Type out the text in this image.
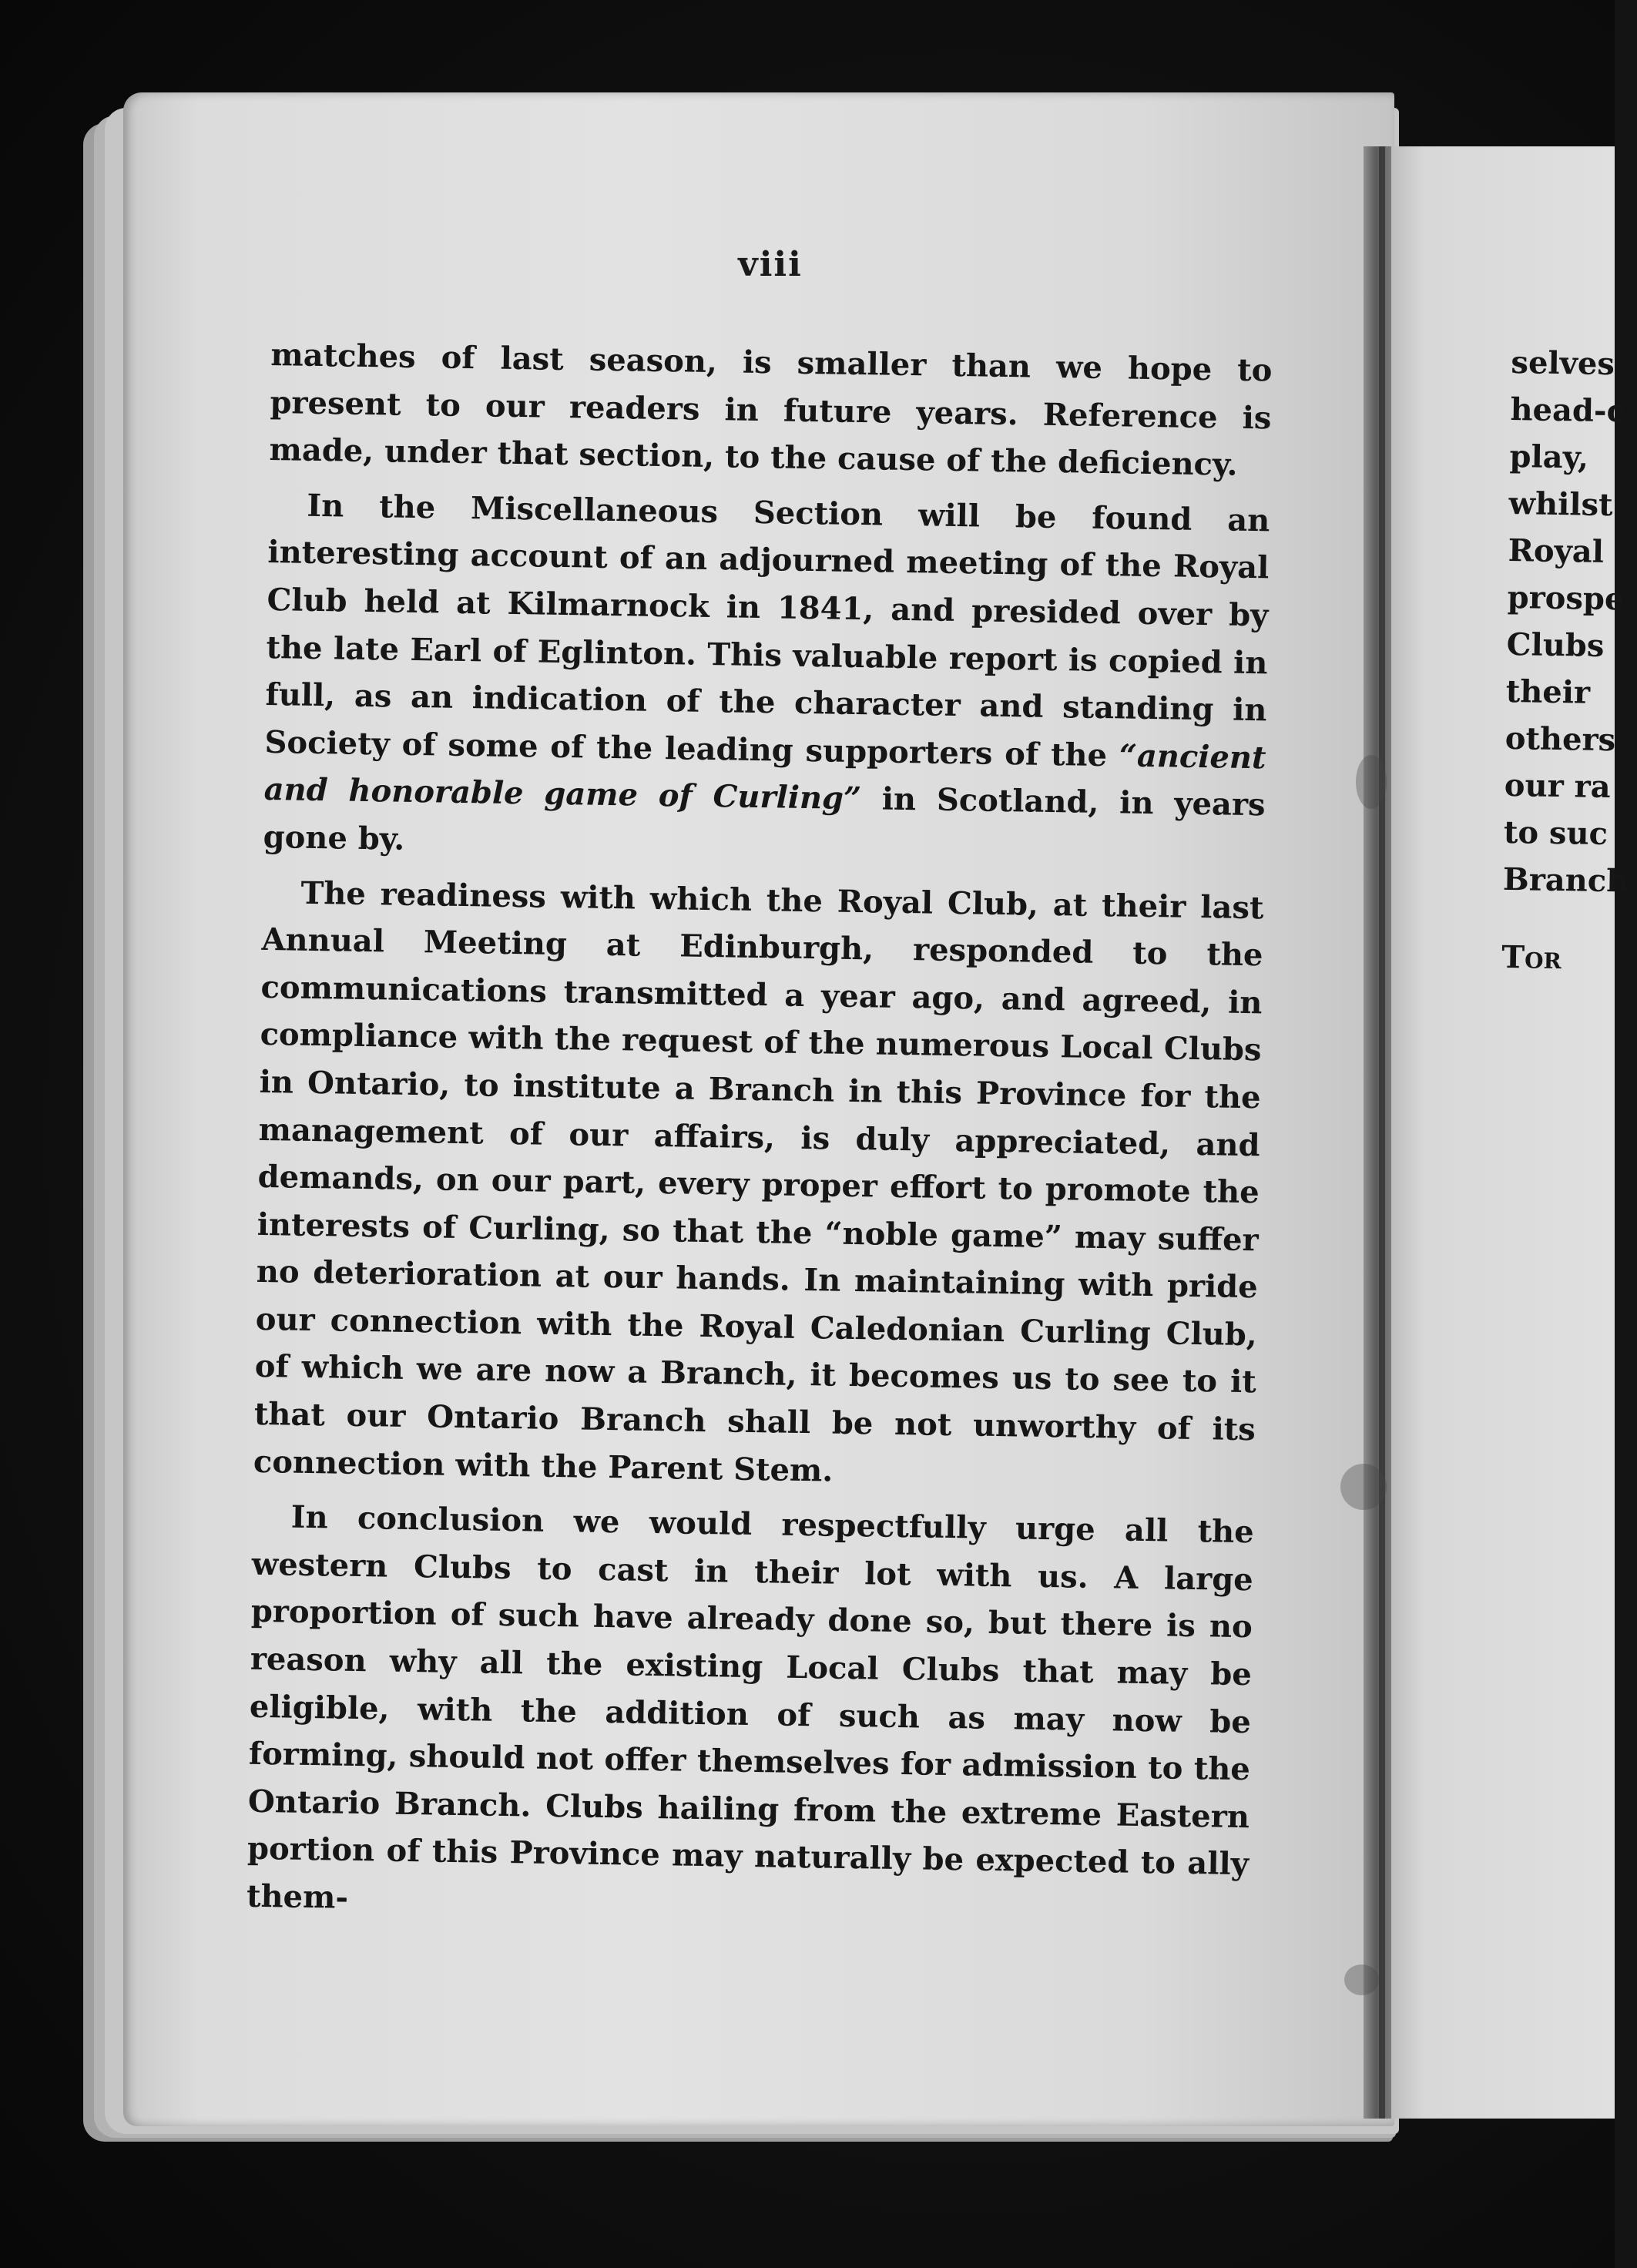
viii

matches of last season, is smaller than we hope to present to our readers in future years. Reference is made, under that section, to the cause of the deficiency.

In the Miscellaneous Section will be found an interesting account of an adjourned meeting of the Royal Club held at Kilmarnock in 1841, and presided over by the late Earl of Eglinton. This valuable report is copied in full, as an indication of the character and standing in Society of some of the leading supporters of the “ancient and honorable game of Curling” in Scotland, in years gone by.

The readiness with which the Royal Club, at their last Annual Meeting at Edinburgh, responded to the communications transmitted a year ago, and agreed, in compliance with the request of the numerous Local Clubs in Ontario, to institute a Branch in this Province for the management of our affairs, is duly appreciated, and demands, on our part, every proper effort to promote the interests of Curling, so that the “noble game” may suffer no deterioration at our hands. In maintaining with pride our connection with the Royal Caledonian Curling Club, of which we are now a Branch, it becomes us to see to it that our Ontario Branch shall be not unworthy of its connection with the Parent Stem.

In conclusion we would respectfully urge all the western Clubs to cast in their lot with us. A large proportion of such have already done so, but there is no reason why all the existing Local Clubs that may be eligible, with the addition of such as may now be forming, should not offer themselves for admission to the Ontario Branch. Clubs hailing from the extreme Eastern portion of this Province may naturally be expected to ally them-

selves
head-c
play,
whilst
Royal
prospe
Clubs
their
others
our ra
to suc
Branch
Tor
